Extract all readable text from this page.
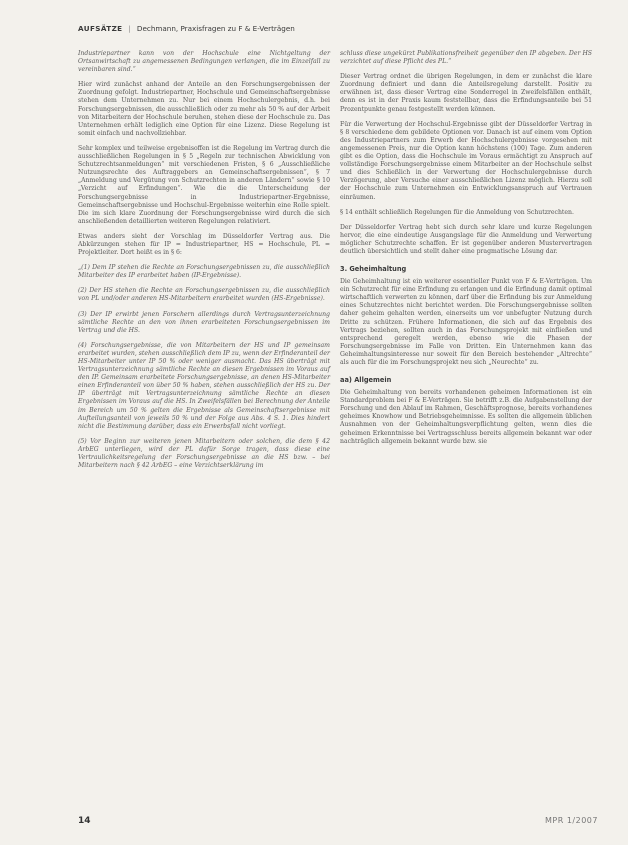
AUFSÄTZE | Dechmann, Praxisfragen zu F & E-Verträgen

Industriepartner kann von der Hochschule eine Nichtgeltung der Ortsanwirtschaft zu angemessenen Bedingungen verlangen, die im Einzelfall zu vereinbaren sind.“

Hier wird zunächst anhand der Anteile an den Forschungsergebnissen der Zuordnung gefolgt. Industriepartner, Hochschule und Gemeinschaftsergebnisse stehen dem Unternehmen zu. Nur bei einem Hochschulergebnis, d.h. bei Forschungsergebnissen, die ausschließlich oder zu mehr als 50 % auf der Arbeit von Mitarbeitern der Hochschule beruhen, stehen diese der Hochschule zu. Das Unternehmen erhält lediglich eine Option für eine Lizenz. Diese Regelung ist somit einfach und nachvollziehbar.

Sehr komplex und teilweise ergebnisoffen ist die Regelung im Vertrag durch die ausschließlichen Regelungen in § 5 „Regeln zur technischen Abwicklung von Schutzrechtsanmeldungen“ mit verschiedenen Fristen, § 6 „Ausschließliche Nutzungsrechte des Auftraggebers an Gemeinschaftsergebnissen“, § 7 „Anmeldung und Vergütung von Schutzrechten in anderen Ländern“ sowie § 10 „Verzicht auf Erfindungen“. Wie die die Unterscheidung der Forschungsergebnisse in Industriepartner-Ergebnisse, Gemeinschaftsergebnisse und Hochschul-Ergebnisse weiterhin eine Rolle spielt. Die im sich klare Zuordnung der Forschungsergebnisse wird durch die sich anschließenden detaillierten weiteren Regelungen relativiert.

Etwas anders sieht der Vorschlag im Düsseldorfer Vertrag aus. Die Abkürzungen stehen für IP = Industriepartner, HS = Hochschule, PL = Projektleiter. Dort heißt es in § 6:

„(1) Dem IP stehen die Rechte an Forschungsergebnissen zu, die ausschließlich Mitarbeiter des IP erarbeitet haben (IP-Ergebnisse).

(2) Der HS stehen die Rechte an Forschungsergebnissen zu, die ausschließlich von PL und/oder anderen HS-Mitarbeitern erarbeitet wurden (HS-Ergebnisse).

(3) Der IP erwirbt jenen Forschern allerdings durch Vertragsunterzeichnung sämtliche Rechte an den von ihnen erarbeiteten Forschungsergebnissen im Vertrag und die HS.

(4) Forschungsergebnisse, die von Mitarbeitern der HS und IP gemeinsam erarbeitet wurden, stehen ausschließlich dem IP zu, wenn der Erfinderanteil der HS-Mitarbeiter unter IP 50 % oder weniger ausmacht. Das HS überträgt mit Vertragsunterzeichnung sämtliche Rechte an diesen Ergebnissen im Voraus auf den IP. Gemeinsam erarbeitete Forschungsergebnisse, an denen HS-Mitarbeiter einen Erfinderanteil von über 50 % haben, stehen ausschließlich der HS zu. Der IP überträgt mit Vertragsunterzeichnung sämtliche Rechte an diesen Ergebnissen im Voraus auf die HS. In Zweifelsfällen bei Berechnung der Anteile im Bereich um 50 % gelten die Ergebnisse als Gemeinschaftsergebnisse mit Aufteilungsanteil von jeweils 50 % und der Folge aus Abs. 4 S. 1. Dies hindert nicht die Bestimmung darüber, dass ein Erwerbsfall nicht vorliegt.

(5) Vor Beginn zur weiteren jenen Mitarbeitern oder solchen, die dem § 42 ArbEG unterliegen, wird der PL dafür Sorge tragen, dass diese eine Vertraulichkeitsregelung der Forschungsergebnisse an die HS bzw. – bei Mitarbeitern nach § 42 ArbEG – eine Verzichtserklärung im

schluss diese ungekürzt Publikationsfreiheit gegenüber den IP abgeben. Der HS verzichtet auf diese Pflicht des PL.“

Dieser Vertrag ordnet die übrigen Regelungen, in dem er zunächst die klare Zuordnung definiert und dann die Anteilsregelung darstellt. Positiv zu erwähnen ist, dass dieser Vertrag eine Sonderregel in Zweifelsfällen enthält, denn es ist in der Praxis kaum feststellbar, dass die Erfindungsanteile bei 51 Prozentpunkte genau festgestellt werden können.

Für die Verwertung der Hochschul-Ergebnisse gibt der Düsseldorfer Vertrag in § 8 verschiedene dem gebildete Optionen vor. Danach ist auf einem vom Option des Industriepartners zum Erwerb der Hochschulergebnisse vorgesehen mit angemessenen Preis, nur die Option kann höchstens (100) Tage. Zum anderen gibt es die Option, dass die Hochschule im Voraus ermächtigt zu Anspruch auf vollständige Forschungsergebnisse einem Mitarbeiter an der Hochschule selbst und dies Schließlich in der Verwertung der Hochschulergebnisse durch Verzögerung, aber Versuche einer ausschließlichen Lizenz möglich. Hierzu soll der Hochschule zum Unternehmen ein Entwicklungsanspruch auf Vertrauen einräumen.

§ 14 enthält schließlich Regelungen für die Anmeldung von Schutzrechten.

Der Düsseldorfer Vertrag hebt sich durch sehr klare und kurze Regelungen hervor, die eine eindeutige Ausgangslage für die Anmeldung und Verwertung möglicher Schutzrechte schaffen. Er ist gegenüber anderen Mustervertragen deutlich übersichtlich und stellt daher eine pragmatische Lösung dar.

3. Geheimhaltung

Die Geheimhaltung ist ein weiterer essentieller Punkt von F & E-Verträgen. Um ein Schutzrecht für eine Erfindung zu erlangen und die Erfindung damit optimal wirtschaftlich verwerten zu können, darf über die Erfindung bis zur Anmeldung eines Schutzrechtes nicht berichtet werden. Die Forschungsergebnisse sollten daher geheim gehalten werden, einerseits um vor unbefugter Nutzung durch Dritte zu schützen. Frühere Informationen, die sich auf das Ergebnis des Vertrags beziehen, sollten auch in das Forschungsprojekt mit einfließen und entsprechend geregelt werden, ebenso wie die Phasen der Forschungsergebnisse im Falle von Dritten. Ein Unternehmen kann das Geheimhaltungsinteresse nur soweit für den Bereich bestehender „Altrechte“ als auch für die im Forschungsprojekt neu sich „Neurechte“ zu.

aa) Allgemein

Die Geheimhaltung von bereits vorhandenen geheimen Informationen ist ein Standardproblem bei F & E-Verträgen. Sie betrifft z.B. die Aufgabenstellung der Forschung und den Ablauf im Rahmen, Geschäftsprognose, bereits vorhandenes geheimes Knowhow und Betriebsgeheimnisse. Es sollten die allgemein üblichen Ausnahmen von der Geheimhaltungsverpflichtung gelten, wenn dies die geheimen Erkenntnisse bei Vertragsschluss bereits allgemein bekannt war oder nachträglich allgemein bekannt wurde bzw. sie

14	MPR 1/2007
